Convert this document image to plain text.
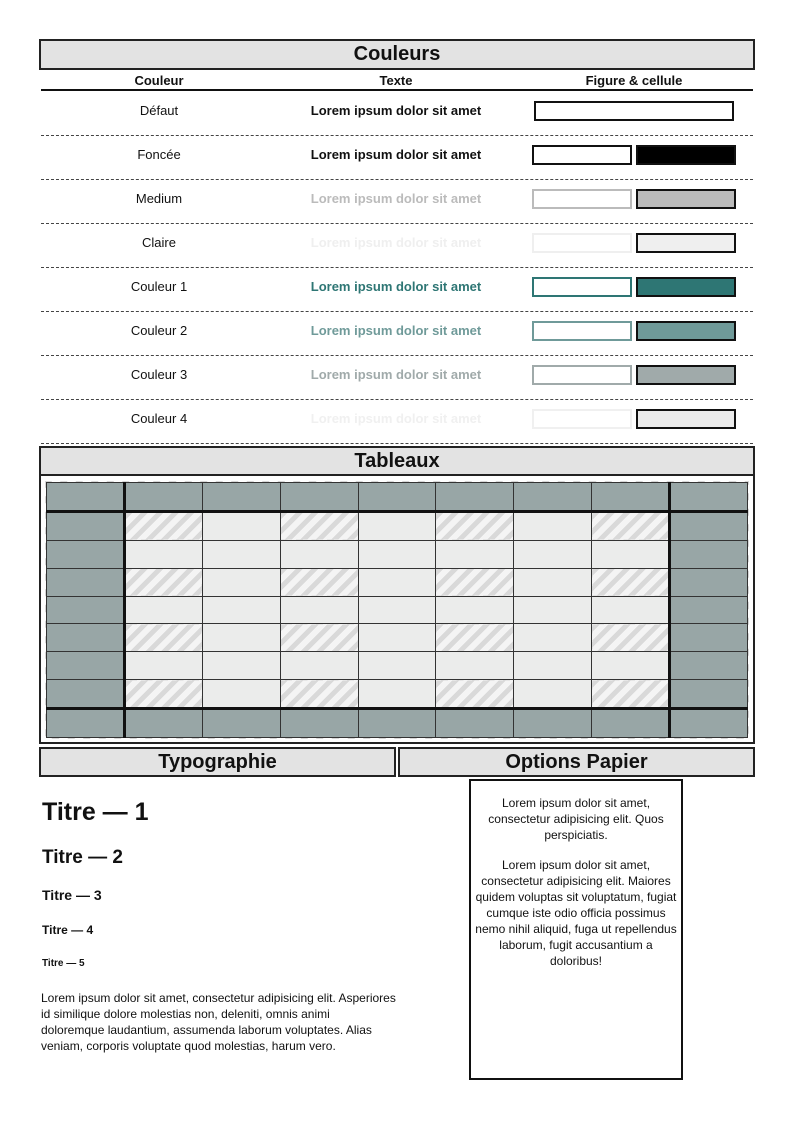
Couleurs
Couleur	Texte	Figure & cellule
Défaut	Lorem ipsum dolor sit amet
Foncée	Lorem ipsum dolor sit amet
Medium	Lorem ipsum dolor sit amet
Claire	Lorem ipsum dolor sit amet
Couleur 1	Lorem ipsum dolor sit amet
Couleur 2	Lorem ipsum dolor sit amet
Couleur 3	Lorem ipsum dolor sit amet
Couleur 4	Lorem ipsum dolor sit amet
Tableaux

Typographie	Options Papier
Titre — 1
Titre — 2
Titre — 3
Titre — 4
Titre — 5
Lorem ipsum dolor sit amet, consectetur adipisicing elit. Asperiores id similique dolore molestias non, deleniti, omnis animi doloremque laudantium, assumenda laborum voluptates. Alias veniam, corporis voluptate quod molestias, harum vero.
Lorem ipsum dolor sit amet, consectetur adipisicing elit. Quos perspiciatis.
Lorem ipsum dolor sit amet, consectetur adipisicing elit. Maiores quidem voluptas sit voluptatum, fugiat cumque iste odio officia possimus nemo nihil aliquid, fuga ut repellendus laborum, fugit accusantium a doloribus!
